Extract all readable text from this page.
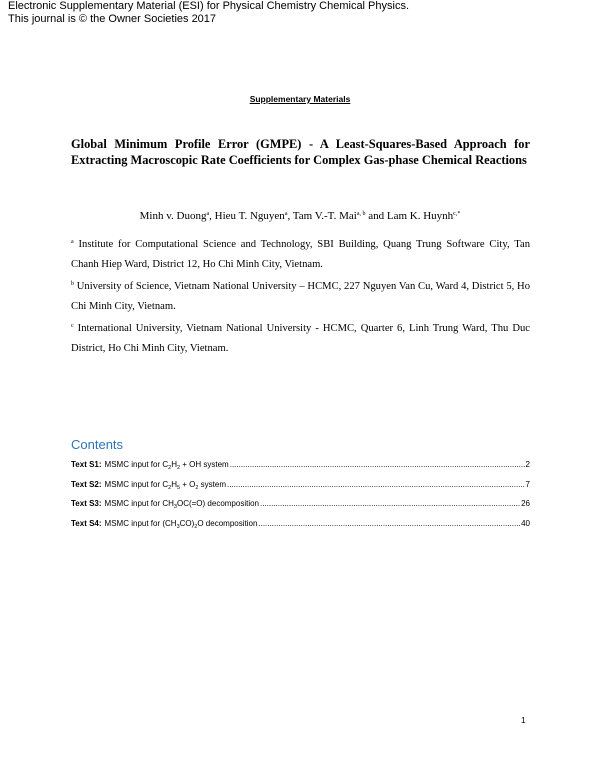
Electronic Supplementary Material (ESI) for Physical Chemistry Chemical Physics.
This journal is © the Owner Societies 2017
Supplementary Materials
Global Minimum Profile Error (GMPE) - A Least-Squares-Based Approach for Extracting Macroscopic Rate Coefficients for Complex Gas-phase Chemical Reactions
Minh v. Duong$^a$, Hieu T. Nguyen$^a$, Tam V.-T. Mai$^{a, b}$ and Lam K. Huynh$^{c,*}$
$^a$ Institute for Computational Science and Technology, SBI Building, Quang Trung Software City, Tan Chanh Hiep Ward, District 12, Ho Chi Minh City, Vietnam.
$^b$ University of Science, Vietnam National University – HCMC, 227 Nguyen Van Cu, Ward 4, District 5, Ho Chi Minh City, Vietnam.
$^c$ International University, Vietnam National University - HCMC, Quarter 6, Linh Trung Ward, Thu Duc District, Ho Chi Minh City, Vietnam.
Contents
Text S1 : MSMC input for $C_2H_2$ + OH system .....	2
Text S2 : MSMC input for $C_2H_5 + O_2$ system .....	7
Text S3 : MSMC input for $CH_3OC(=O)$ decomposition .....	26
Text S4 : MSMC input for $(CH_3CO)_2O$ decomposition .....	40
1
